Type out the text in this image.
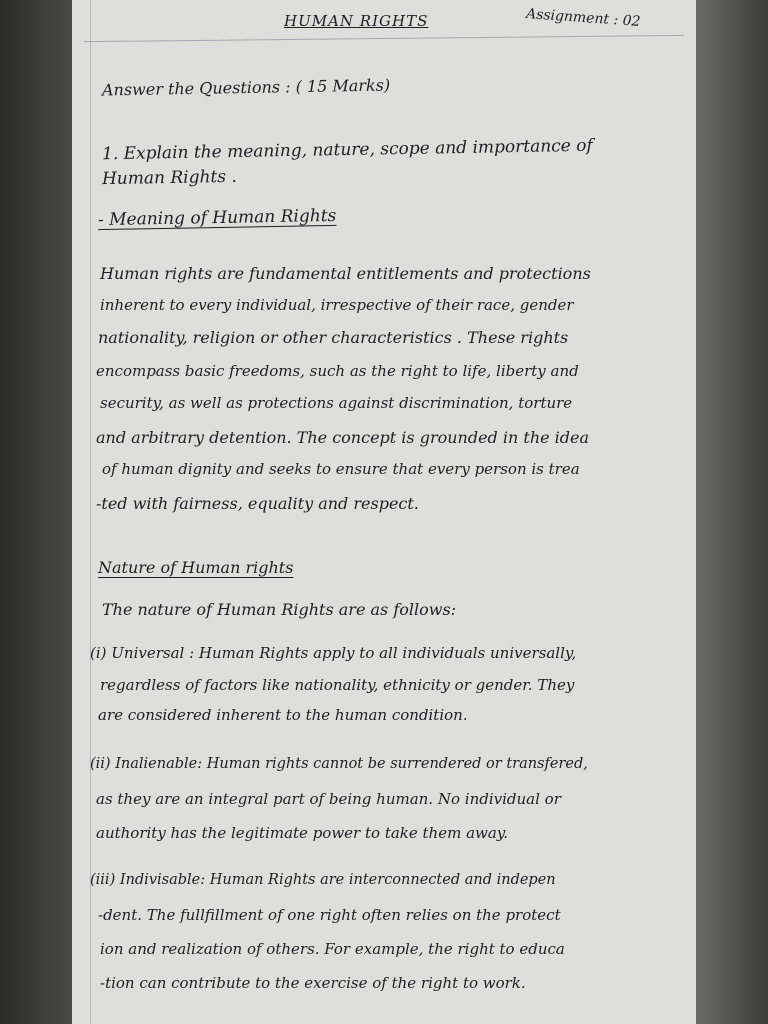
HUMAN RIGHTS	Assignment : 02
Answer the Questions : ( 15 Marks)
1. Explain the meaning, nature, scope and importance of
Human Rights .
- Meaning of Human Rights
Human rights are fundamental entitlements and protections
inherent to every individual, irrespective of their race, gender
nationality, religion or other characteristics . These rights
encompass basic freedoms, such as the right to life, liberty and
security, as well as protections against discrimination, torture
and arbitrary detention. The concept is grounded in the idea
of human dignity and seeks to ensure that every person is trea
-ted with fairness, equality and respect.
Nature of Human rights
The nature of Human Rights are as follows:
(i) Universal : Human Rights apply to all individuals universally,
regardless of factors like nationality, ethnicity or gender. They
are considered inherent to the human condition.
(ii) Inalienable: Human rights cannot be surrendered or transfered,
as they are an integral part of being human. No individual or
authority has the legitimate power to take them away.
(iii) Indivisable: Human Rights are interconnected and indepen
-dent. The fullfillment of one right often relies on the protect
ion and realization of others. For example, the right to educa
-tion can contribute to the exercise of the right to work.
